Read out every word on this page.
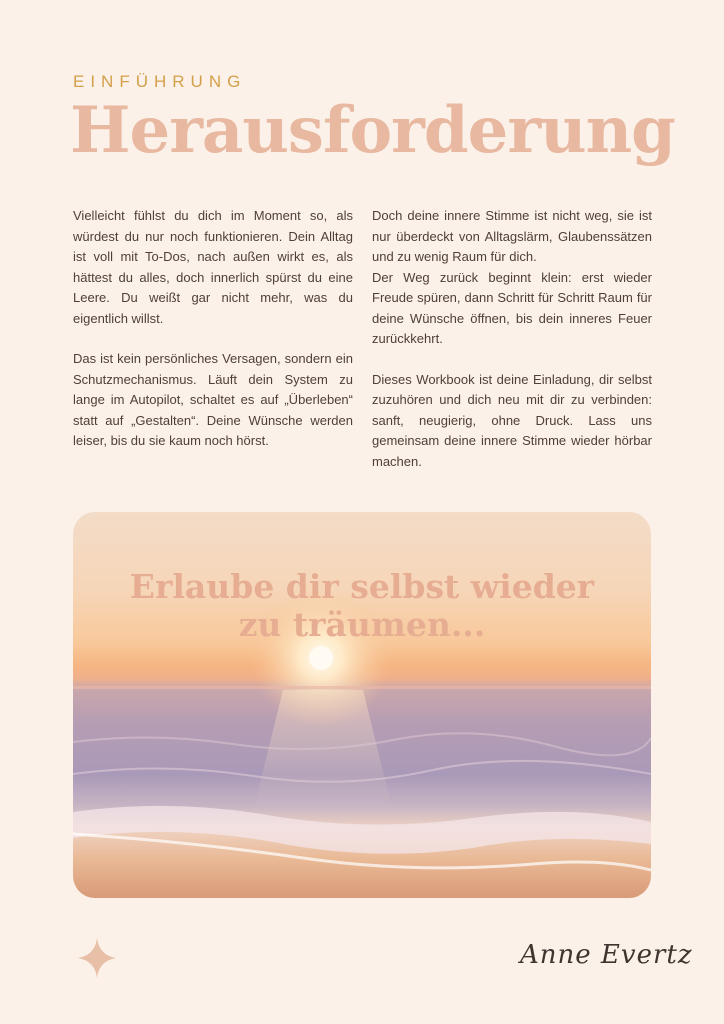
EINFÜHRUNG
Herausforderung

Vielleicht fühlst du dich im Moment so, als würdest du nur noch funktionieren. Dein Alltag ist voll mit To-Dos, nach außen wirkt es, als hättest du alles, doch innerlich spürst du eine Leere. Du weißt gar nicht mehr, was du eigentlich willst.

Das ist kein persönliches Versagen, sondern ein Schutzmechanismus. Läuft dein System zu lange im Autopilot, schaltet es auf „Überleben“ statt auf „Gestalten“. Deine Wünsche werden leiser, bis du sie kaum noch hörst.

Doch deine innere Stimme ist nicht weg, sie ist nur überdeckt von Alltagslärm, Glaubenssätzen und zu wenig Raum für dich.

Der Weg zurück beginnt klein: erst wieder Freude spüren, dann Schritt für Schritt Raum für deine Wünsche öffnen, bis dein inneres Feuer zurückkehrt.

Dieses Workbook ist deine Einladung, dir selbst zuzuhören und dich neu mit dir zu verbinden: sanft, neugierig, ohne Druck. Lass uns gemeinsam deine innere Stimme wieder hörbar machen.

Erlaube dir selbst wieder
zu träumen...
Anne Evertz
